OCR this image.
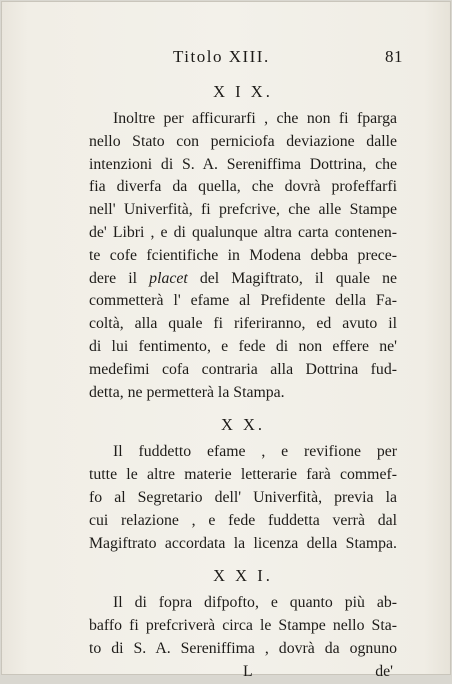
Titolo XIII.	81
X I X.
Inoltre per afficurarfi , che non fi fparga
nello Stato con perniciofa deviazione dalle
intenzioni di S. A. Sereniffima Dottrina, che
fia diverfa da quella, che dovrà profeffarfi
nell' Univerfità, fi prefcrive, che alle Stampe
de' Libri , e di qualunque altra carta contenen-
te cofe fcientifiche in Modena debba prece-
dere il placet del Magiftrato, il quale ne
commetterà l' efame al Prefidente della Fa-
coltà, alla quale fi riferiranno, ed avuto il
di lui fentimento, e fede di non effere ne'
medefimi cofa contraria alla Dottrina fud-
detta, ne permetterà la Stampa.
X X.
Il fuddetto efame , e revifione per
tutte le altre materie letterarie farà commef-
fo al Segretario dell' Univerfità, previa la
cui relazione , e fede fuddetta verrà dal
Magiftrato accordata la licenza della Stampa.
X X I.
Il di fopra difpofto, e quanto più ab-
baffo fi prefcriverà circa le Stampe nello Sta-
to di S. A. Sereniffima , dovrà da ognuno
L	de'
